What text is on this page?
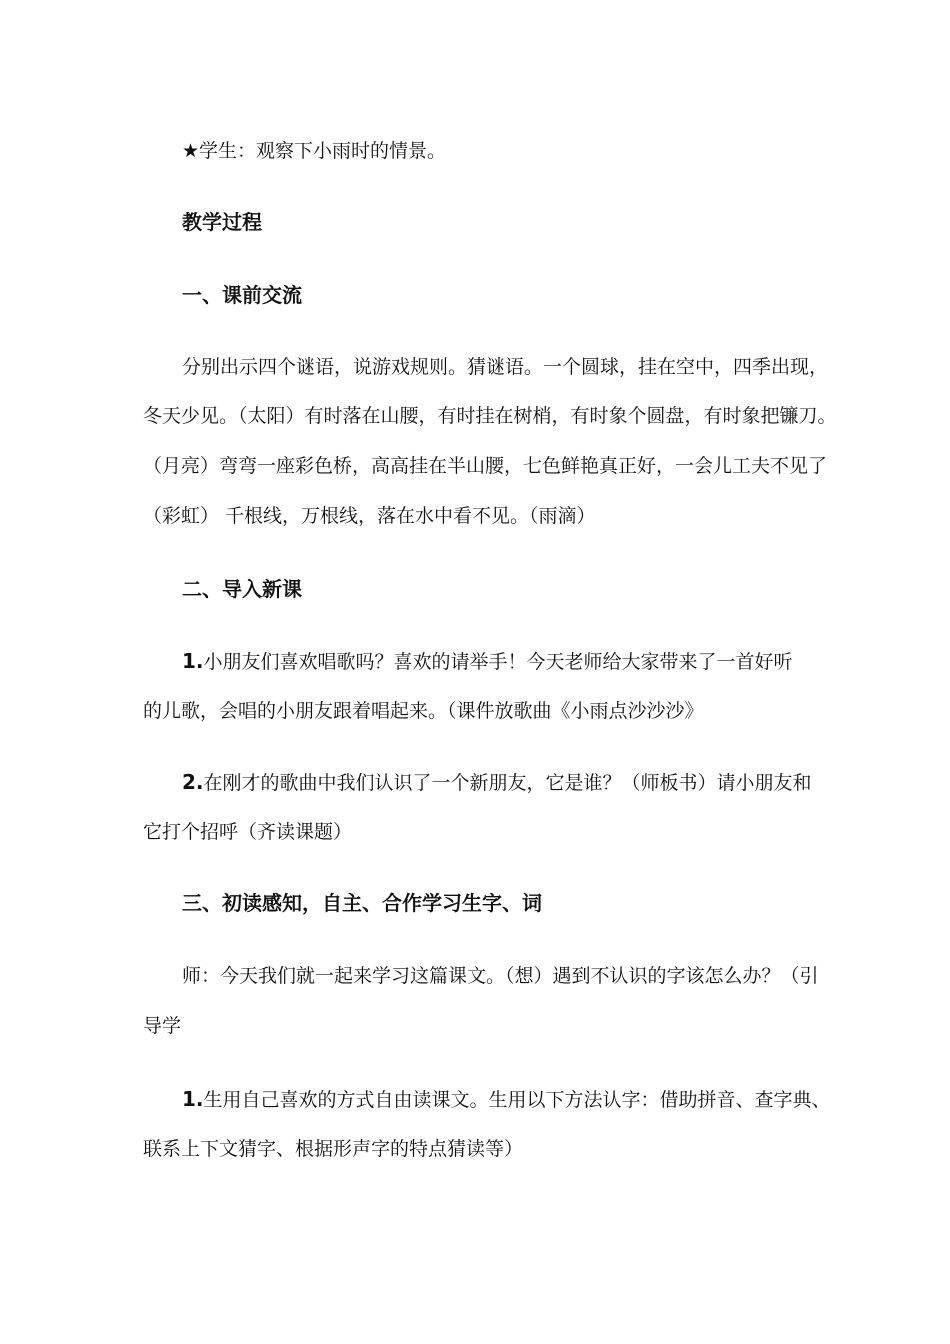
★学生：观察下小雨时的情景。
教学过程
一、课前交流
分别出示四个谜语，说游戏规则。猜谜语。一个圆球，挂在空中，四季出现，
冬天少见。（太阳）有时落在山腰，有时挂在树梢，有时象个圆盘，有时象把镰刀。
（月亮）弯弯一座彩色桥，高高挂在半山腰，七色鲜艳真正好，一会儿工夫不见了
（彩虹） 千根线，万根线，落在水中看不见。（雨滴）
二、导入新课
1.小朋友们喜欢唱歌吗？喜欢的请举手！今天老师给大家带来了一首好听
的儿歌，会唱的小朋友跟着唱起来。（课件放歌曲《小雨点沙沙沙》
2.在刚才的歌曲中我们认识了一个新朋友，它是谁？（师板书）请小朋友和
它打个招呼（齐读课题）
三、初读感知，自主、合作学习生字、词
师：今天我们就一起来学习这篇课文。（想）遇到不认识的字该怎么办？（引
导学
1.生用自己喜欢的方式自由读课文。生用以下方法认字：借助拼音、查字典、
联系上下文猜字、根据形声字的特点猜读等）
